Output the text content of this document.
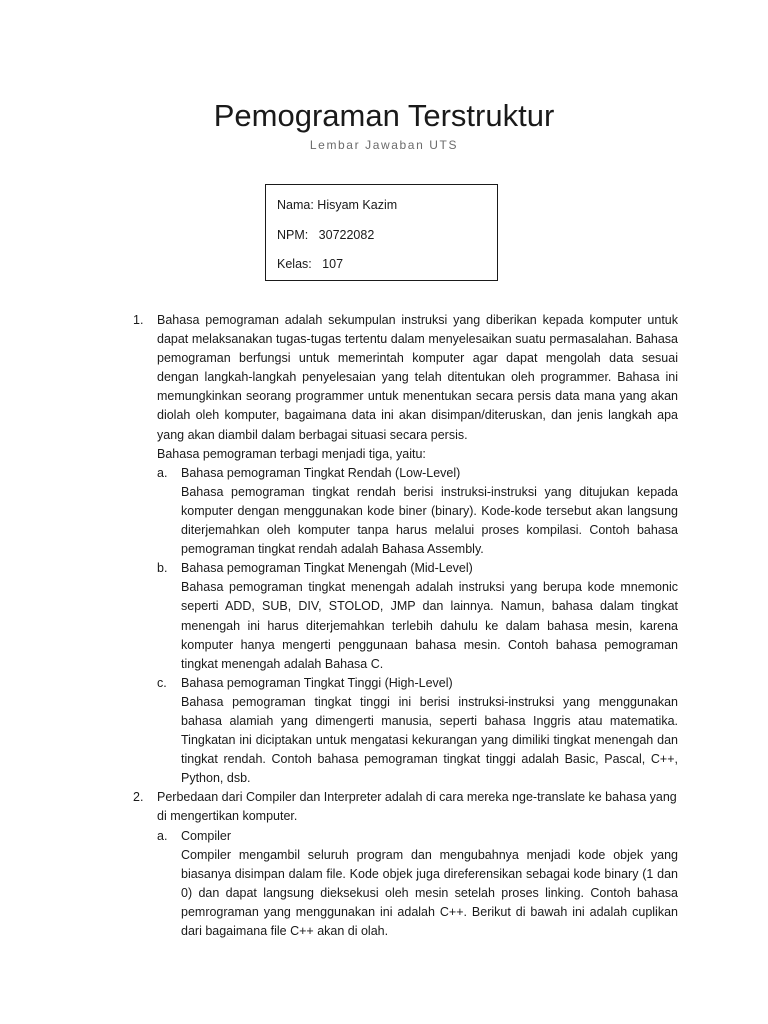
Pemograman Terstruktur
Lembar Jawaban UTS
Nama: Hisyam Kazim
NPM:   30722082
Kelas:   107
1. Bahasa pemograman adalah sekumpulan instruksi yang diberikan kepada komputer untuk dapat melaksanakan tugas-tugas tertentu dalam menyelesaikan suatu permasalahan. Bahasa pemograman berfungsi untuk memerintah komputer agar dapat mengolah data sesuai dengan langkah-langkah penyelesaian yang telah ditentukan oleh programmer. Bahasa ini memungkinkan seorang programmer untuk menentukan secara persis data mana yang akan diolah oleh komputer, bagaimana data ini akan disimpan/diteruskan, dan jenis langkah apa yang akan diambil dalam berbagai situasi secara persis.
Bahasa pemograman terbagi menjadi tiga, yaitu:
a. Bahasa pemograman Tingkat Rendah (Low-Level)
Bahasa pemograman tingkat rendah berisi instruksi-instruksi yang ditujukan kepada komputer dengan menggunakan kode biner (binary). Kode-kode tersebut akan langsung diterjemahkan oleh komputer tanpa harus melalui proses kompilasi. Contoh bahasa pemograman tingkat rendah adalah Bahasa Assembly.
b. Bahasa pemograman Tingkat Menengah (Mid-Level)
Bahasa pemograman tingkat menengah adalah instruksi yang berupa kode mnemonic seperti ADD, SUB, DIV, STOLOD, JMP dan lainnya. Namun, bahasa dalam tingkat menengah ini harus diterjemahkan terlebih dahulu ke dalam bahasa mesin, karena komputer hanya mengerti penggunaan bahasa mesin. Contoh bahasa pemograman tingkat menengah adalah Bahasa C.
c. Bahasa pemograman Tingkat Tinggi (High-Level)
Bahasa pemograman tingkat tinggi ini berisi instruksi-instruksi yang menggunakan bahasa alamiah yang dimengerti manusia, seperti bahasa Inggris atau matematika. Tingkatan ini diciptakan untuk mengatasi kekurangan yang dimiliki tingkat menengah dan tingkat rendah. Contoh bahasa pemograman tingkat tinggi adalah Basic, Pascal, C++, Python, dsb.
2. Perbedaan dari Compiler dan Interpreter adalah di cara mereka nge-translate ke bahasa yang di mengertikan komputer.
a. Compiler
Compiler mengambil seluruh program dan mengubahnya menjadi kode objek yang biasanya disimpan dalam file. Kode objek juga direferensikan sebagai kode binary (1 dan 0) dan dapat langsung dieksekusi oleh mesin setelah proses linking. Contoh bahasa pemrograman yang menggunakan ini adalah C++. Berikut di bawah ini adalah cuplikan dari bagaimana file C++ akan di olah.
